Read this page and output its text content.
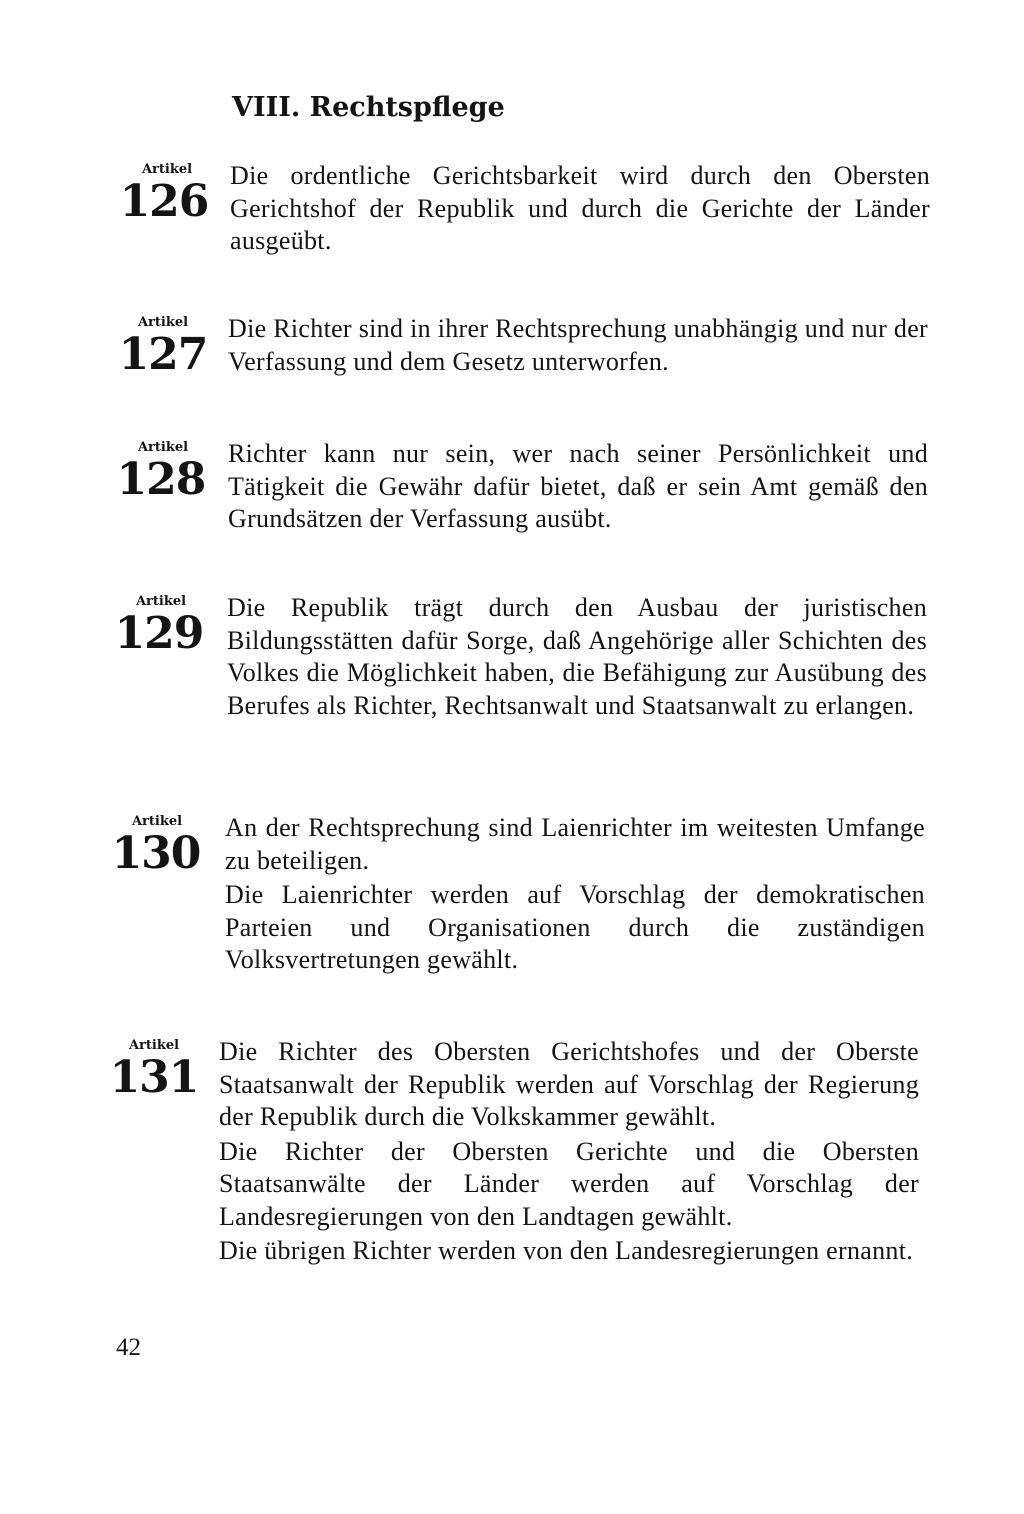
VIII. Rechtspflege
Artikel
126

Die ordentliche Gerichtsbarkeit wird durch den Obersten Gerichtshof der Republik und durch die Gerichte der Länder ausgeübt.

Artikel
127

Die Richter sind in ihrer Rechtsprechung unabhängig und nur der Verfassung und dem Gesetz unterworfen.

Artikel
128

Richter kann nur sein, wer nach seiner Persönlichkeit und Tätigkeit die Gewähr dafür bietet, daß er sein Amt gemäß den Grundsätzen der Verfassung ausübt.

Artikel
129

Die Republik trägt durch den Ausbau der juristischen Bildungsstätten dafür Sorge, daß Angehörige aller Schichten des Volkes die Möglichkeit haben, die Befähigung zur Ausübung des Berufes als Richter, Rechtsanwalt und Staatsanwalt zu erlangen.

Artikel
130

An der Rechtsprechung sind Laienrichter im weitesten Umfange zu beteiligen.

Die Laienrichter werden auf Vorschlag der demokratischen Parteien und Organisationen durch die zuständigen Volksvertretungen gewählt.

Artikel
131

Die Richter des Obersten Gerichtshofes und der Oberste Staatsanwalt der Republik werden auf Vorschlag der Regierung der Republik durch die Volkskammer gewählt.

Die Richter der Obersten Gerichte und die Obersten Staatsanwälte der Länder werden auf Vorschlag der Landesregierungen von den Landtagen gewählt.

Die übrigen Richter werden von den Landesregierungen ernannt.

42
